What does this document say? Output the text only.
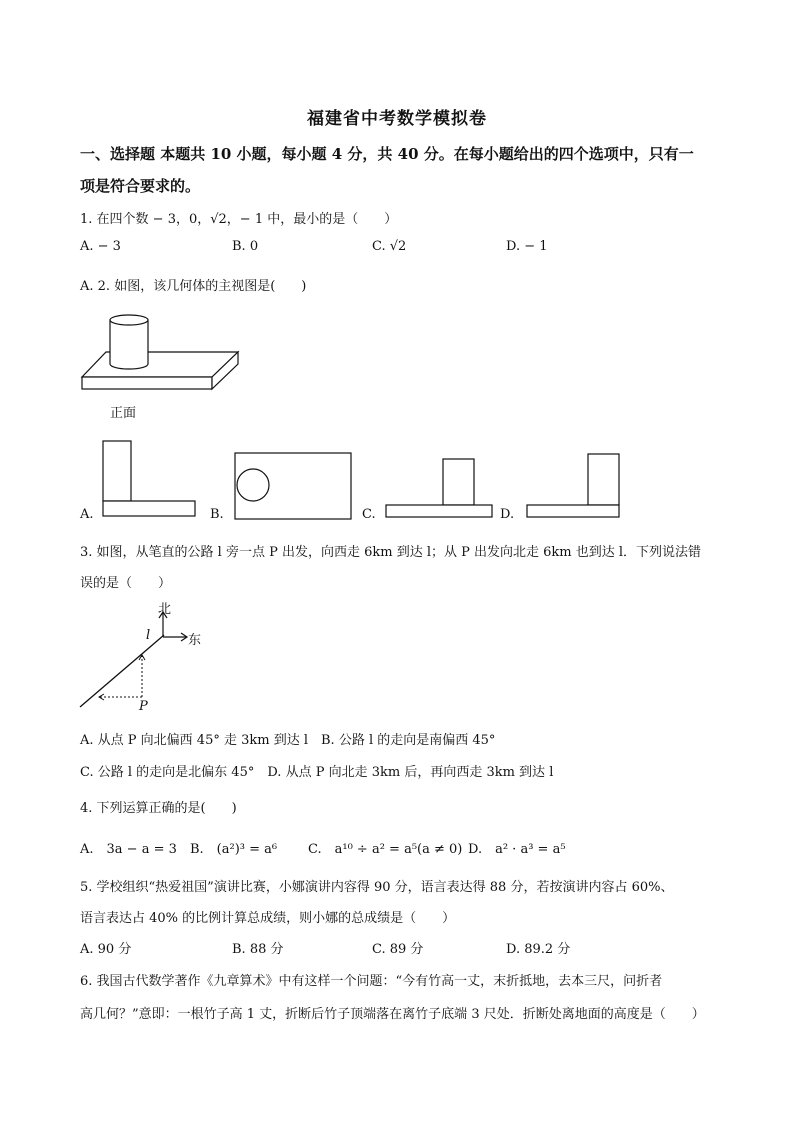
福建省中考数学模拟卷
一、选择题 本题共 10 小题，每小题 4 分，共 40 分。在每小题给出的四个选项中，只有一
项是符合要求的。
1. 在四个数 − 3，0，√2，− 1 中，最小的是（　　）
A. − 3	B. 0	C. √2	D. − 1
A. 2. 如图，该几何体的主视图是(　　)
正面
A.	B.	C.	D.
3. 如图，从笔直的公路 l 旁一点 P 出发，向西走 6km 到达 l；从 P 出发向北走 6km 也到达 l．下列说法错
误的是（　　）
北
东
l
P
A. 从点 P 向北偏西 45° 走 3km 到达 l　B. 公路 l 的走向是南偏西 45°
C. 公路 l 的走向是北偏东 45°　D. 从点 P 向北走 3km 后，再向西走 3km 到达 l
4. 下列运算正确的是(　　)
A.　3a − a = 3 B.　(a²)³ = a⁶ C.　a¹⁰ ÷ a² = a⁵(a ≠ 0) D.　a² · a³ = a⁵
5. 学校组织“热爱祖国”演讲比赛，小娜演讲内容得 90 分，语言表达得 88 分，若按演讲内容占 60%、
语言表达占 40% 的比例计算总成绩，则小娜的总成绩是（　　）
A. 90 分	B. 88 分	C. 89 分	D. 89.2 分
6. 我国古代数学著作《九章算术》中有这样一个问题：“今有竹高一丈，末折抵地，去本三尺，问折者
高几何？”意即：一根竹子高 1 丈，折断后竹子顶端落在离竹子底端 3 尺处．折断处离地面的高度是（　　）
